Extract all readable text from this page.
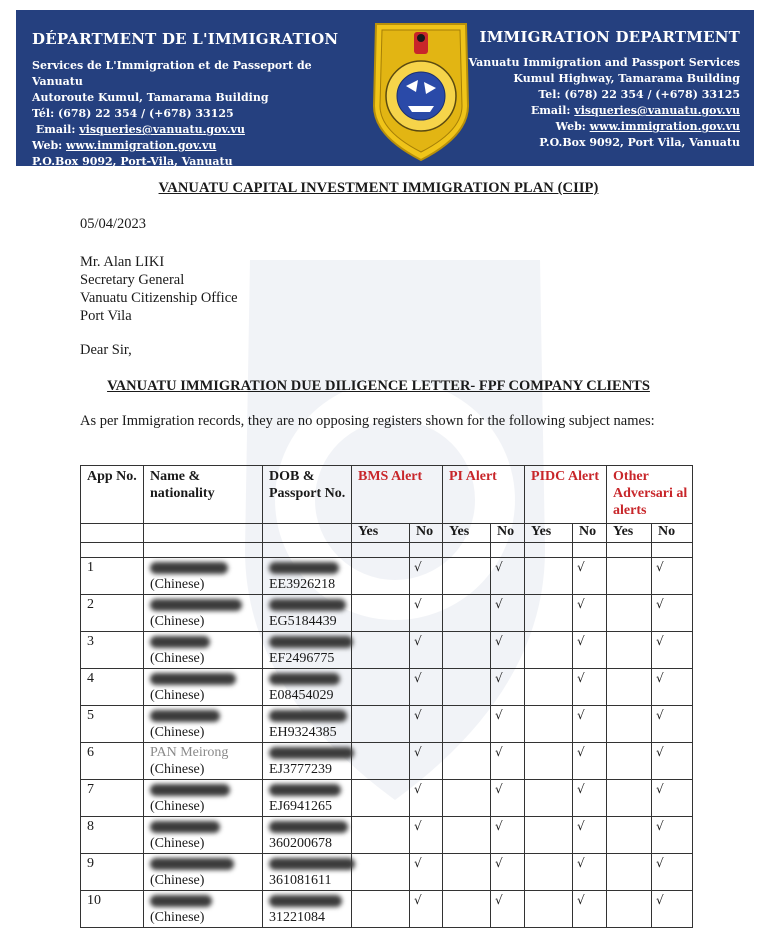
DÉPARTMENT DE L'IMMIGRATION
Services de L'Immigration et de Passeport de Vanuatu
Autoroute Kumul, Tamarama Building
Tél: (678) 22 354 / (+678) 33125
Email: visqueries@vanuatu.gov.vu
Web: www.immigration.gov.vu
P.O.Box 9092, Port-Vila, Vanuatu
IMMIGRATION DEPARTMENT
Vanuatu Immigration and Passport Services
Kumul Highway, Tamarama Building
Tel: (678) 22 354 / (+678) 33125
Email: visqueries@vanuatu.gov.vu
Web: www.immigration.gov.vu
P.O.Box 9092, Port Vila, Vanuatu
VANUATU CAPITAL INVESTMENT IMMIGRATION PLAN (CIIP)
05/04/2023
Mr. Alan LIKI
Secretary General
Vanuatu Citizenship Office
Port Vila
Dear Sir,
VANUATU IMMIGRATION DUE DILIGENCE LETTER- FPF COMPANY CLIENTS
As per Immigration records, they are no opposing registers shown for the following subject names:
App No.	Name & nationality	DOB & Passport No.	BMS Alert		PI Alert		PIDC Alert		Other Adversari al alerts	
			Yes	No	Yes	No	Yes	No	Yes	No

1	(Chinese)	EE3926218		√		√		√		√
2	(Chinese)	EG5184439		√		√		√		√
3	(Chinese)	EF2496775		√		√		√		√
4	(Chinese)	E08454029		√		√		√		√
5	(Chinese)	EH9324385		√		√		√		√
6	PAN Meirong
(Chinese)	EJ3777239		√		√		√		√
7	(Chinese)	EJ6941265		√		√		√		√
8	(Chinese)	360200678		√		√		√		√
9	(Chinese)	361081611		√		√		√		√
10	(Chinese)	31221084		√		√		√		√
